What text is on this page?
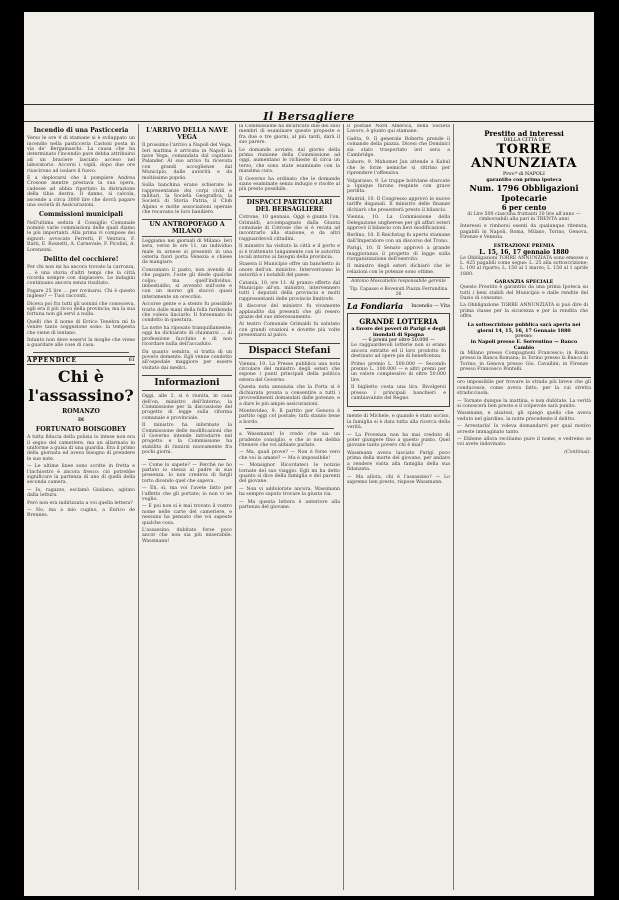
Il Bersagliere
Incendio di una Pasticceria
Verso le ore 4 di stamane si è sviluppato un incendio nella pasticceria Castoni posta in via de' Bergamaschi. La causa che ha determinato l'incendio pare debba attribuirsi ad un braciere lasciato acceso nel laboratorio. Accorsi i vigili, dopo due ore riuscirono ad isolare il fuoco.
È a deplorarsi che il pompiere Andrea Crosone mentre prestava la sua opera, cadesse ad abbia riportato la distrazione della tibia destra. Il danno, si calcola, ascende a circa 3000 lire che dovrà pagare una società di Assicurazioni.
Commissioni municipali
Nell'ultima seduta il Consiglio Comunale nominò varie commissioni delle quali diamo le più importanti. Alla prima vi compose dei signori: avvocato Ferretti, P. Ventura, F. Ratti, E. Rossetti, A. Carnevale, F. Picolini, A. Lorenzoni.
Delitto del cocchiere!
Per chi non mi ha ancora trovato la carrozza, ... è una storia d'altri tempi che la città ricorda sempre con dispiacere. Le indagini continuano ancora senza risultato.
Pagare 25 lire ... per rovinarsi. Chi è questo inglese? — Tuoi racconti.
Diceva poi fra tutti gli uomini che conosceva, egli era il più ricco della provincia; ma la sua fortuna non gli servì a nulla.
Quelli che il nome di Errico Tenebra mi fa venire tanto soggezione sono: la tempesta che viene di lontano.
Intanto non deve esservi la moglie che viene a guardare alle cose di casa.
APPENDICE	61
Chi è l'assassino?
ROMANZO
DI
FORTUNATO BOISGOBEY
A tutta fiducia della polizia lo intese non era il segno del cameriere, ma un allarmata in uniforme a guisa di una guardia. Era il primo della giornata ed aveva bisogno di prendere le sue note.
— Le ultime linee sono scritte in fretta e l'inchiostro è ancora fresco: ciò potrebbe significare la partenza di uno di quelli della seconda camera.
— Io, ragazzo, esclamò Giuliano, agitato dalla lettura.
Però non era indirizzata a voi quella lettera?
— No, ma a mio cugino, a Enrico de Brennes.
L'ARRIVO DELLA NAVE VEGA
Il prossimo l'arrivo a Napoli del Vega. Ieri mattina è arrivata in Napoli la nave Vega, comandata dal capitano Palander. Al suo arrivo fu ricevuta con grandi accoglienze dal Municipio, dalle autorità e da moltissimo popolo.
Sulla banchina erano schierate le rappresentanze dei corpi civili e militari, la Società Geografica, la Società di Storia Patria, il Club Alpino e molte associazioni operaie che recavano le loro bandiere.
UN ANTROPOFAGO A MILANO
Leggiamo nei giornali di Milano: Ieri sera, verso le ore 11, un individuo male in arnese si presentò in una osteria fuori porta Venezia e chiese da mangiare.
Consumato il pasto, non avendo di che pagare, l'oste gli diede qualche colpo; ma quell'individuo, imbestialito, si avventò sull'oste e con un morso gli staccò quasi interamente un orecchio.
Accorse gente e a stento fu possibile trarlo dalle mani della folla furibonda che voleva linciarlo. Il forsennato fu condotto in questura.
La notte ha riposato tranquillamente; oggi ha dichiarato di chiamarsi ... di professione facchino e di non ricordare nulla dell'accaduto.
Da quanto sembra, si tratta di un povero demente. Egli venne condotto all'ospedale maggiore per essere visitato dai medici.
Informazioni
Oggi, alle 2, si è riunita, in casa dell'on. ministro dell'Interno, la Commissione per la discussione del progetto di legge sulla riforma comunale e provinciale.
Il ministro ha informato la Commissione delle modificazioni che il Governo intende introdurre nel progetto e la Commissione ha stabilito di riunirsi nuovamente fra pochi giorni.
— Come lo sapete? — Perché ne ho parlato io stessa al padre in sua presenza. Io non credeva di fargli torto dicendo quel che sapeva.
— Eh, sì, ma voi l'avete fatto per l'affetto che gli portate; io non vi ne voglio.
— E poi non si è mai trovato il vostro nome nelle carte del cameriere, e nessuno ha pensato che voi sapeste qualche cosa.
L'assassino, dubitato forse poco ancor che non sia più miserabile. Wassmann!
la Commissione ha incaricato due dei suoi membri di esaminare queste proposte e fra due o tre giorni, al più tardi, darà il suo parere.
Le domande avviate, dal giorno della prima riunione della Commissione ad oggi, aumentano le richieste di circa un terzo, che sono state esaminate con la massima cura.
Il Governo ha ordinato che le domande siano esaminate senza indugio e risolte al più presto possibile.
DISPACCI PARTICOLARI DEL BERSAGLIERE
Cotrone, 10 gennaio. Oggi è giunto l'on. Grimaldi, accompagnato dalla Giunta comunale di Cotrone che si è recata ad incontrarlo alla stazione, e da altri ragguardevoli cittadini.
Il ministro ha visitato la città e il porto e si è trattenuto lungamente con le autorità locali intorno ai bisogni della provincia.
Stasera il Municipio offre un banchetto in onore dell'on. ministro. Interverranno le autorità e i notabili del paese.
Catania, 10, ore 11. Al pranzo offerto dal Municipio all'on. ministro, intervennero tutti i deputati della provincia e molti rappresentanti delle provincie limitrofe.
Il discorso del ministro fu vivamente applaudito dai presenti che gli resero grazie del suo interessamento.
Al teatro Comunale Grimaldi fu salutato con grandi ovazioni e dovette più volte presentarsi al palco.
Dispacci Stefani
Vienna, 10. La Presse pubblica una nota circolare del ministro degli esteri che espone i punti principali della politica estera del Governo.
Questa nota annunzia che la Porta si è dichiarata pronta a consentire a tutti i provvedimenti domandati dalle potenze, e a dare le più ampie assicurazioni.
Montevideo, 9. Il partito per Genova è partito oggi col postale; tutti stanno bene a bordo.
a Wassmann! Io credo che sia un prudente consiglio, e che io non debba ritenere che voi abbiate parlato.
— Ma, quali prove? — Non è forse vero che voi la amate? — Ma è impossibile!
— Monsignor Ricordateci le notizie tornate del suo viaggio. Egli mi ha detto quanto si dice della famiglia e dei parenti del giovane.
— Non vi addolorate ancora. Wassmann ha sempre saputo trovare la giusta via.
— Ma questa lettera è anteriore alla partenza del giovane.
il postale Nord America, della Società Lavoro, è giunto qui stamane.
Gaëta, 9. Il generale Roberts prende il comando della piazza. Dicesi che Dominici sia stato trasportato ieri sera a Cambridge.
Lahore, 9. Mahomet Jan attende a Kabul che le forze nemiche si ritirino per riprendere l'offensiva.
Valparaiso, 9. Le truppe boliviane sbarcate a Iquique furono respinte con grave perdita.
Madrid, 10. Il Congresso approvò le nuove tariffe doganali. Il ministro delle finanze dichiarò che presenterà presto il bilancio.
Vienna, 10. La Commissione della Delegazione ungherese per gli affari esteri approvò il bilancio con lievi modificazioni.
Berlino, 10. Il Reichstag fu aperto stamane dall'Imperatore con un discorso del Trono.
Parigi, 10. Il Senato approvò a grande maggioranza il progetto di legge sulla riorganizzazione dell'esercito.
Il ministro degli esteri dichiarò che le relazioni con le potenze sono ottime.
Antonio Moscatiello responsabile gerente
Tip. Capasso e Bovenuti Piazza Ferrandina 26
La Fondiaria Incendio — Vita
GRANDE LOTTERIA
a favore dei poveri di Parigi e degli inondati di Spagna
— 6 premi per oltre 50.000 —
Le ragguardevoli lotterie non si erano ancora estratte ed il loro prodotto fu destinato ad opere pie di beneficenza.
Primo premio L. 500.000 — Secondo premio L. 100.000 — e altri premi per un valore complessivo di oltre 50.000 lire.
Il biglietto costa una lira. Rivolgersi presso i principali banchieri e cambiavalute del Regno.
mente di Michele, e quando è stato ucciso, la famiglia si è data tutta alla ricerca della verità.
— La Provenza non ha mai creduto di poter giungere fino a questo punto. Quel giovane tanto povero chi è mai?
Wassmann aveva lasciato Parigi poco prima della morte del giovane, per andare a rendere visita alla famiglia della sua fidanzata.
— Ma allora, chi è l'assassino? — Lo sapremo ben presto, rispose Wassmann.
Prestito ad interessi
DELLA CITTÀ DI
TORRE ANNUNZIATA
Prov.ª di NAPOLI
garantito con prima ipoteca
Num. 1796 Obbligazioni Ipotecarie
6 per cento
di Lire 500 ciascuna fruttanti 30 lire all'anno — rimborsabili alla pari in TRENTA anni
Interessi e rimborsi esenti da qualunque ritenuta, pagabili in Napoli, Roma, Milano, Torino, Genova, Firenze e Venezia.
ESTRAZIONE PREMIA
L. 15, 16, 17 gennaio 1880
Le Obbligazioni TORRE ANNUNZIATA sono emesse a L. 425 pagabili come segue: L. 25 alla sottoscrizione; L. 100 al riparto; L. 150 al 1 marzo; L. 150 al 1 aprile 1880.
GARANZIA SPECIALE
Questo Prestito è garantito da una prima Ipoteca su tutti i beni stabili del Municipio e dalle rendite del Dazio di consumo.
La Obbligazione TORRE ANNUNZIATA si può dire di prima classe per la sicurezza e per la rendita che offre.
La sottoscrizione pubblica sarà aperta nei giorni 14, 15, 16, 17 Gennaio 1880
presso:
in Napoli presso E. Sorrentino — Banco Cambio
in Milano presso Compagnoni Francesco; in Roma presso la Banca Romana; in Torino presso la Banca di Torino; in Genova presso Gio. Cavallini; in Firenze presso Francesco Pontelli.
oro impossibile per trovare la strada più breve che gli conducesse, come aveva fatto, per la cui stretta stradicciuola.
— Tornate dunque la mattina, e non dubitate. La verità si conoscerà ben presto e il colpevole sarà punito.
Wassmann, e alzatosi, gli spiegò quello che aveva veduto nel giardino, la notte precedente il delitto.
— Arrestarla! Io voleva domandarvi per qual motivo avreste immaginato tanto.
— Ebbene allora recitiamo pure il nome, e vedremo se voi avete indovinato.
(Continua).
